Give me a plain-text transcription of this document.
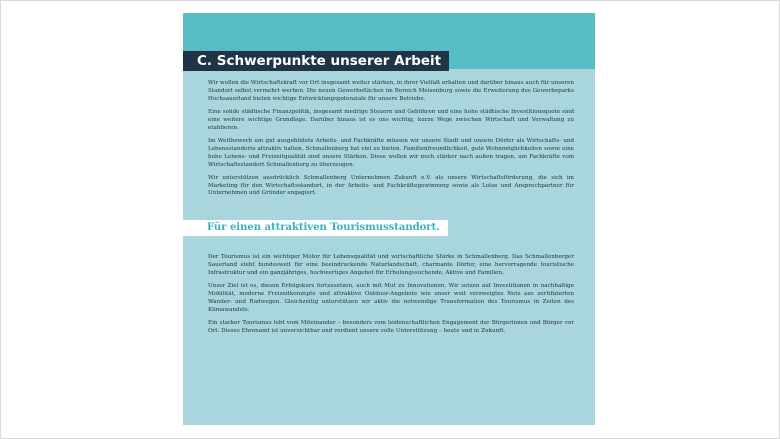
C. Schwerpunkte unserer Arbeit

Wir wollen die Wirtschaftskraft vor Ort insgesamt weiter stärken, in ihrer Vielfalt erhalten und darüber hinaus auch für unseren Standort selbst vermehrt werben. Die neuen Gewerbeflächen im Bereich Meisenburg sowie die Erweiterung des Gewerbeparks Hochsauerland bieten wichtige Entwicklungspotenziale für unsere Betriebe.

Eine solide städtische Finanzpolitik, insgesamt niedrige Steuern und Gebühren und eine hohe städtische Investitionsquote sind eine weitere wichtige Grundlage. Darüber hinaus ist es uns wichtig, kurze Wege zwischen Wirtschaft und Verwaltung zu etablieren.

Im Wettbewerb um gut ausgebildete Arbeits- und Fachkräfte müssen wir unsere Stadt und unsere Dörfer als Wirtschafts- und Lebensstandorte attraktiv halten. Schmallenberg hat viel zu bieten. Familienfreundlichkeit, gute Wohnmöglichkeiten sowie eine hohe Lebens- und Freizeitqualität sind unsere Stärken. Diese wollen wir noch stärker nach außen tragen, um Fachkräfte vom Wirtschaftsstandort Schmallenberg zu überzeugen.

Wir unterstützen ausdrücklich Schmallenberg Unternehmen Zukunft e.V. als unsere Wirtschaftsförderung, die sich im Marketing für den Wirtschaftsstandort, in der Arbeits- und Fachkräftegewinnung sowie als Lotse und Ansprechpartner für Unternehmen und Gründer engagiert.

Für einen attraktiven Tourismusstandort.

Der Tourismus ist ein wichtiger Motor für Lebensqualität und wirtschaftliche Stärke in Schmallenberg. Das Schmallenberger Sauerland steht bundesweit für eine beeindruckende Naturlandschaft, charmante Dörfer, eine hervorragende touristische Infrastruktur und ein ganzjähriges, hochwertiges Angebot für Erholungssuchende, Aktive und Familien.

Unser Ziel ist es, diesen Erfolgskurs fortzusetzen, auch mit Mut zu Innovationen. Wir setzen auf Investitionen in nachhaltige Mobilität, moderne Freizeitkonzepte und attraktive Outdoor-Angebote wie unser weit verzweigtes Netz aus zertifizierten Wander- und Radwegen. Gleichzeitig unterstützen wir aktiv die notwendige Transformation des Tourismus in Zeiten des Klimawandels.

Ein starker Tourismus lebt vom Miteinander – besonders vom leidenschaftlichen Engagement der Bürgerinnen und Bürger vor Ort. Dieses Ehrenamt ist unverzichtbar und verdient unsere volle Unterstützung – heute und in Zukunft.
